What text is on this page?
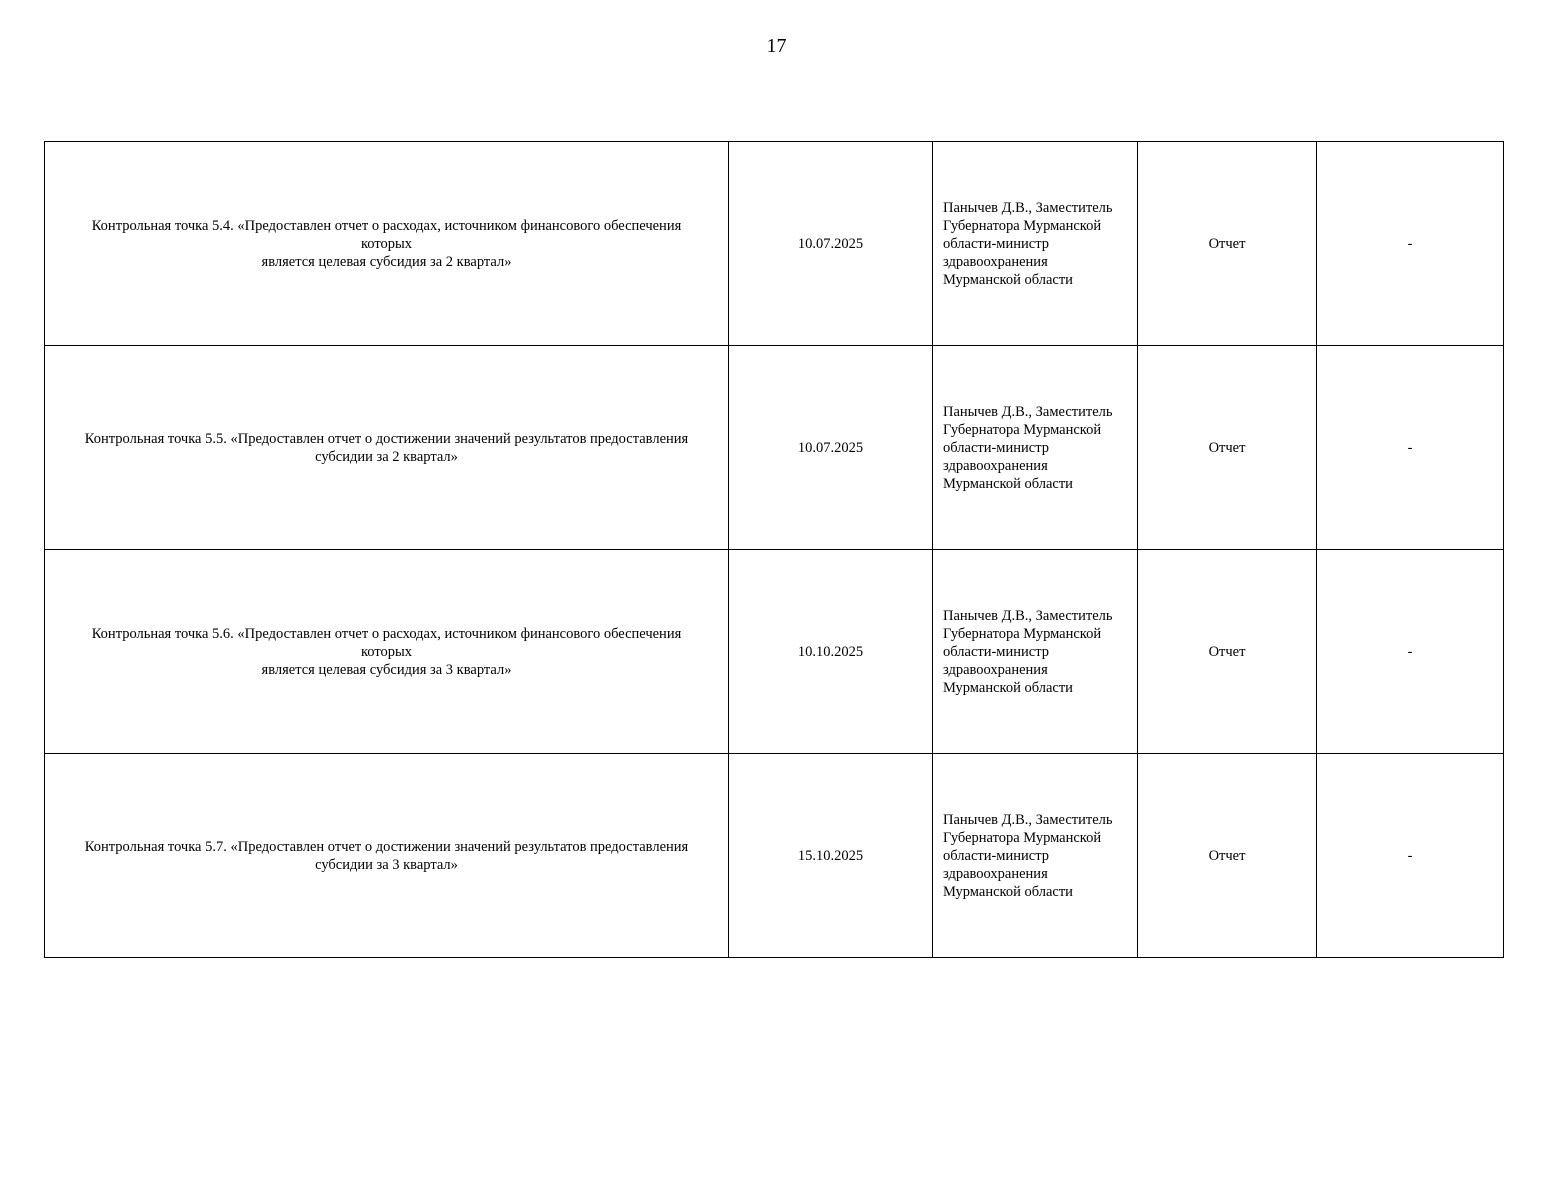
17
Контрольная точка 5.4. «Предоставлен отчет о расходах, источником финансового обеспечения
которых
является целевая субсидия за 2 квартал»	10.07.2025	Панычев Д.В., Заместитель
Губернатора Мурманской
области-министр
здравоохранения
Мурманской области	Отчет	-

Контрольная точка 5.5. «Предоставлен отчет о достижении значений результатов предоставления
субсидии за 2 квартал»	10.07.2025	Панычев Д.В., Заместитель
Губернатора Мурманской
области-министр
здравоохранения
Мурманской области	Отчет	-

Контрольная точка 5.6. «Предоставлен отчет о расходах, источником финансового обеспечения
которых
является целевая субсидия за 3 квартал»	10.10.2025	Панычев Д.В., Заместитель
Губернатора Мурманской
области-министр
здравоохранения
Мурманской области	Отчет	-

Контрольная точка 5.7. «Предоставлен отчет о достижении значений результатов предоставления
субсидии за 3 квартал»	15.10.2025	Панычев Д.В., Заместитель
Губернатора Мурманской
области-министр
здравоохранения
Мурманской области	Отчет	-
